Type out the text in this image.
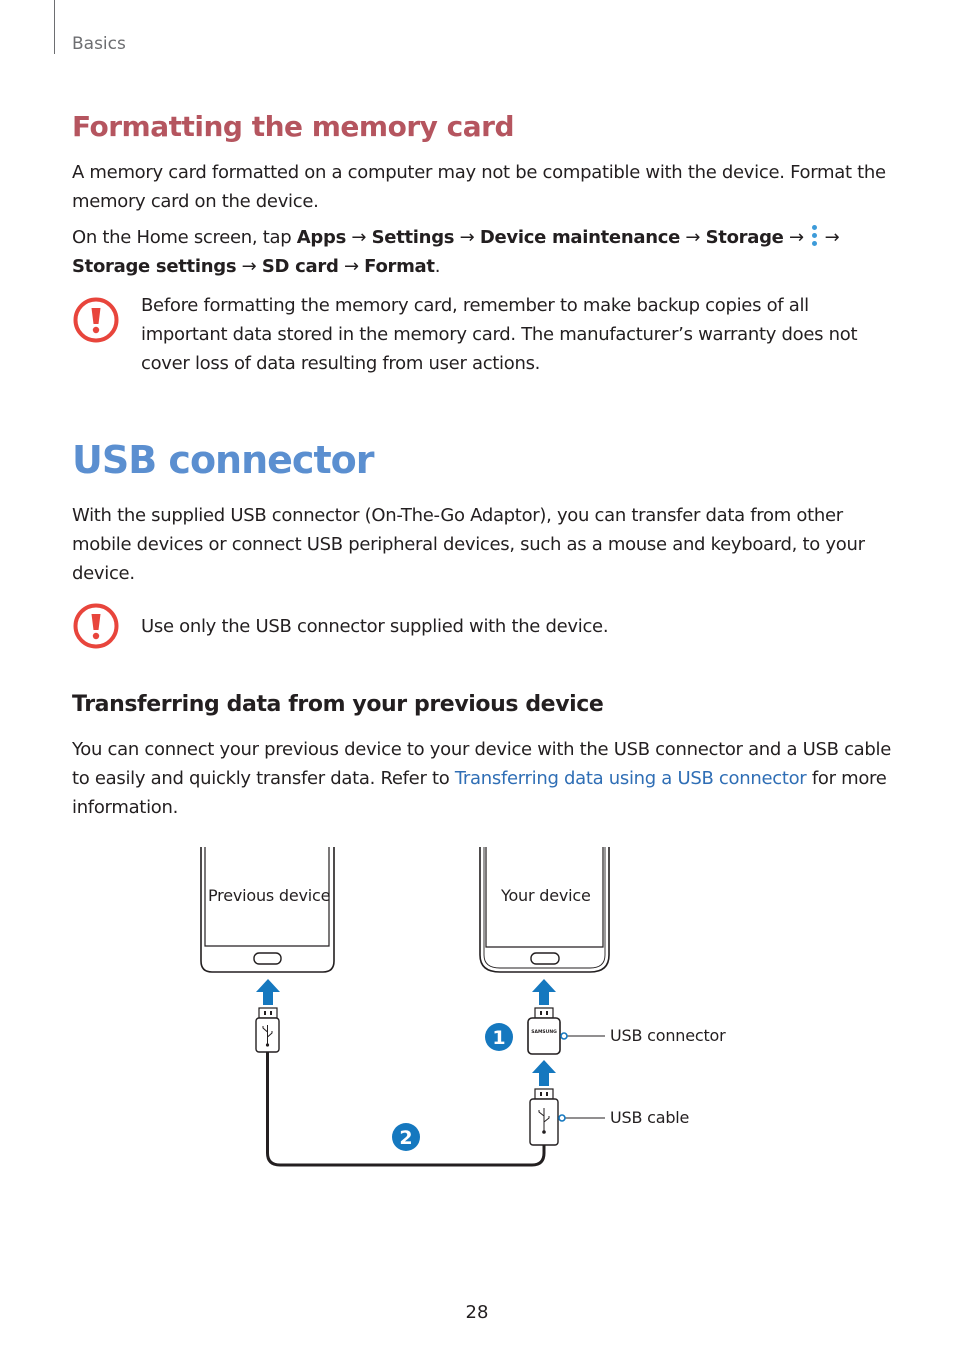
Basics
Formatting the memory card
A memory card formatted on a computer may not be compatible with the device. Format the memory card on the device.
On the Home screen, tap Apps → Settings → Device maintenance → Storage → →
Storage settings → SD card → Format.
Before formatting the memory card, remember to make backup copies of all important data stored in the memory card. The manufacturer’s warranty does not cover loss of data resulting from user actions.
USB connector
With the supplied USB connector (On-The-Go Adaptor), you can transfer data from other mobile devices or connect USB peripheral devices, such as a mouse and keyboard, to your device.
Use only the USB connector supplied with the device.
Transferring data from your previous device
You can connect your previous device to your device with the USB connector and a USB cable to easily and quickly transfer data. Refer to Transferring data using a USB connector for more information.
SAMSUNG
1
2
Previous device	Your device
USB connector
USB cable
28
